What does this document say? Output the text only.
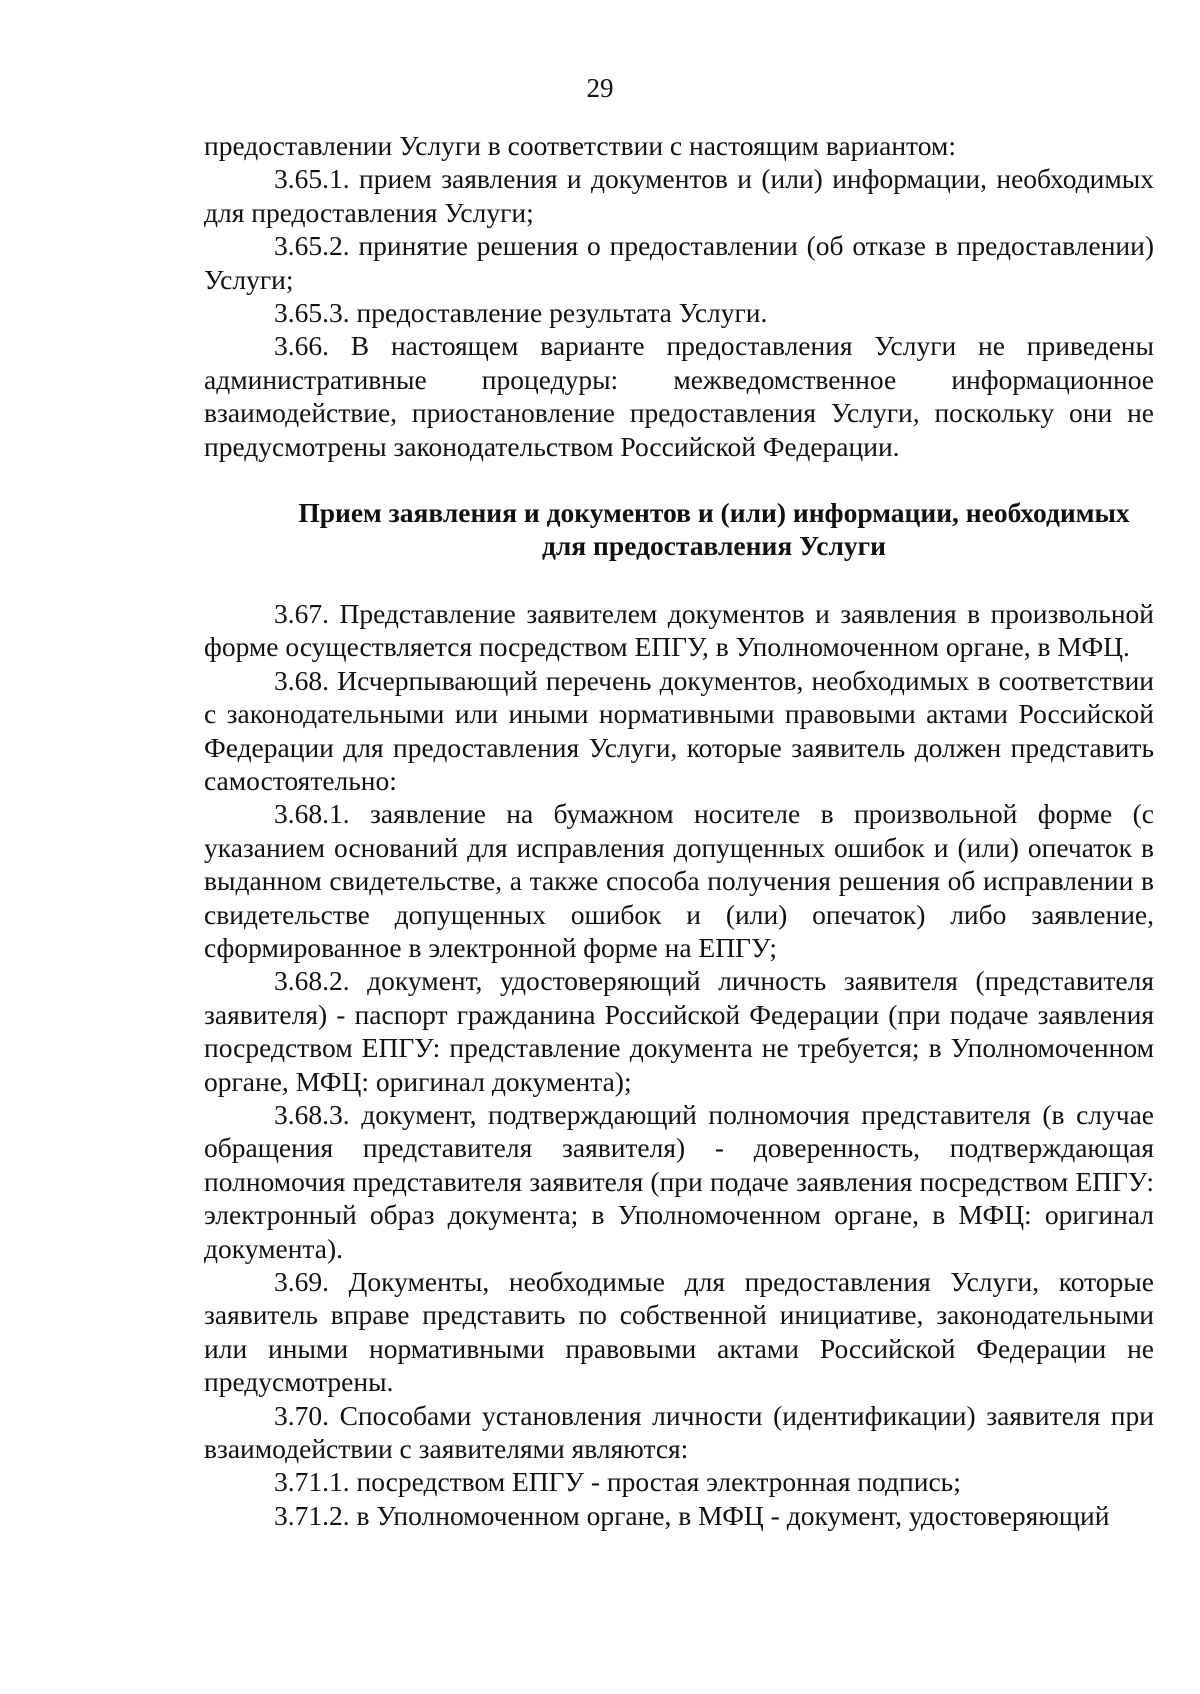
29

предоставлении Услуги в соответствии с настоящим вариантом:

3.65.1. прием заявления и документов и (или) информации, необходимых для предоставления Услуги;

3.65.2. принятие решения о предоставлении (об отказе в предоставлении) Услуги;

3.65.3. предоставление результата Услуги.

3.66. В настоящем варианте предоставления Услуги не приведены административные процедуры: межведомственное информационное взаимодействие, приостановление предоставления Услуги, поскольку они не предусмотрены законодательством Российской Федерации.

Прием заявления и документов и (или) информации, необходимых

для предоставления Услуги

3.67. Представление заявителем документов и заявления в произвольной форме осуществляется посредством ЕПГУ, в Уполномоченном органе, в МФЦ.

3.68. Исчерпывающий перечень документов, необходимых в соответствии с законодательными или иными нормативными правовыми актами Российской Федерации для предоставления Услуги, которые заявитель должен представить самостоятельно:

3.68.1. заявление на бумажном носителе в произвольной форме (с указанием оснований для исправления допущенных ошибок и (или) опечаток в выданном свидетельстве, а также способа получения решения об исправлении в свидетельстве допущенных ошибок и (или) опечаток) либо заявление, сформированное в электронной форме на ЕПГУ;

3.68.2. документ, удостоверяющий личность заявителя (представителя заявителя) - паспорт гражданина Российской Федерации (при подаче заявления посредством ЕПГУ: представление документа не требуется; в Уполномоченном органе, МФЦ: оригинал документа);

3.68.3. документ, подтверждающий полномочия представителя (в случае обращения представителя заявителя) - доверенность, подтверждающая полномочия представителя заявителя (при подаче заявления посредством ЕПГУ: электронный образ документа; в Уполномоченном органе, в МФЦ: оригинал документа).

3.69. Документы, необходимые для предоставления Услуги, которые заявитель вправе представить по собственной инициативе, законодательными или иными нормативными правовыми актами Российской Федерации не предусмотрены.

3.70. Способами установления личности (идентификации) заявителя при взаимодействии с заявителями являются:

3.71.1. посредством ЕПГУ - простая электронная подпись;

3.71.2. в Уполномоченном органе, в МФЦ - документ, удостоверяющий
